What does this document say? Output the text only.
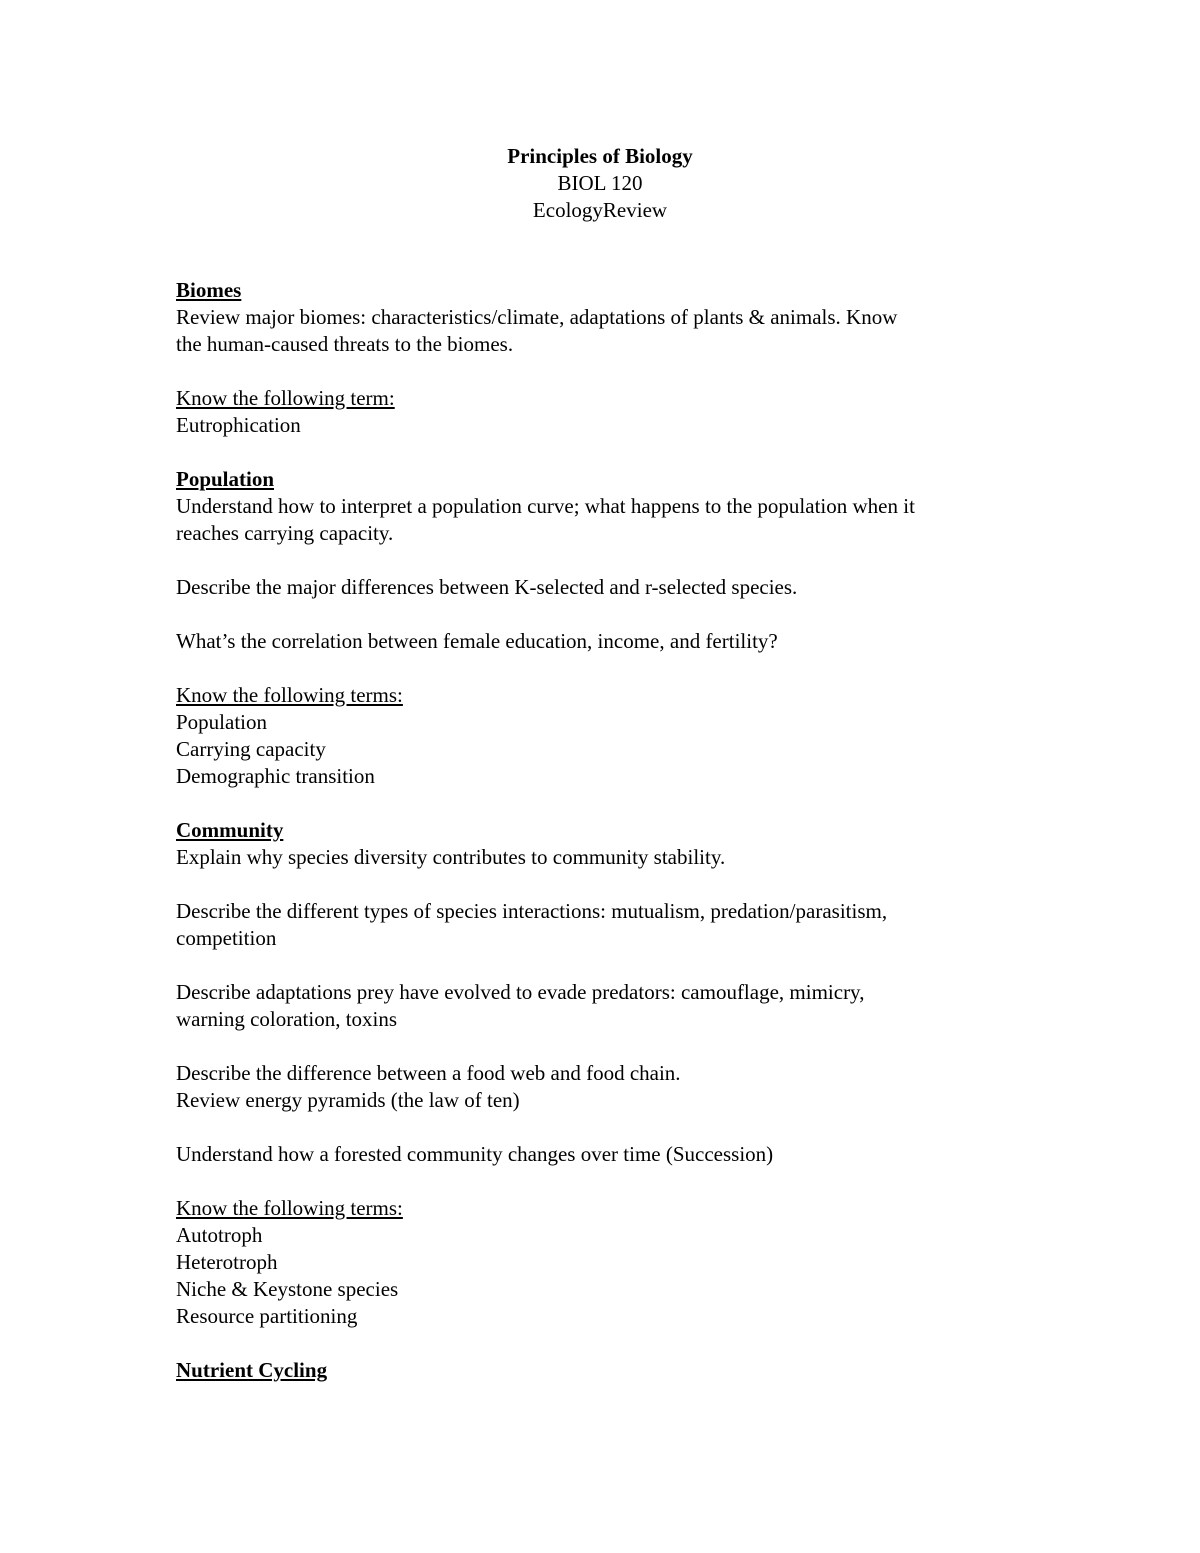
Principles of Biology
BIOL 120
EcologyReview

Biomes

Review major biomes: characteristics/climate, adaptations of plants & animals. Know

the human-caused threats to the biomes.

Know the following term:

Eutrophication

Population

Understand how to interpret a population curve; what happens to the population when it

reaches carrying capacity.

Describe the major differences between K-selected and r-selected species.

What’s the correlation between female education, income, and fertility?

Know the following terms:

Population

Carrying capacity

Demographic transition

Community

Explain why species diversity contributes to community stability.

Describe the different types of species interactions: mutualism, predation/parasitism,

competition

Describe adaptations prey have evolved to evade predators: camouflage, mimicry,

warning coloration, toxins

Describe the difference between a food web and food chain.

Review energy pyramids (the law of ten)

Understand how a forested community changes over time (Succession)

Know the following terms:

Autotroph

Heterotroph

Niche & Keystone species

Resource partitioning

Nutrient Cycling
